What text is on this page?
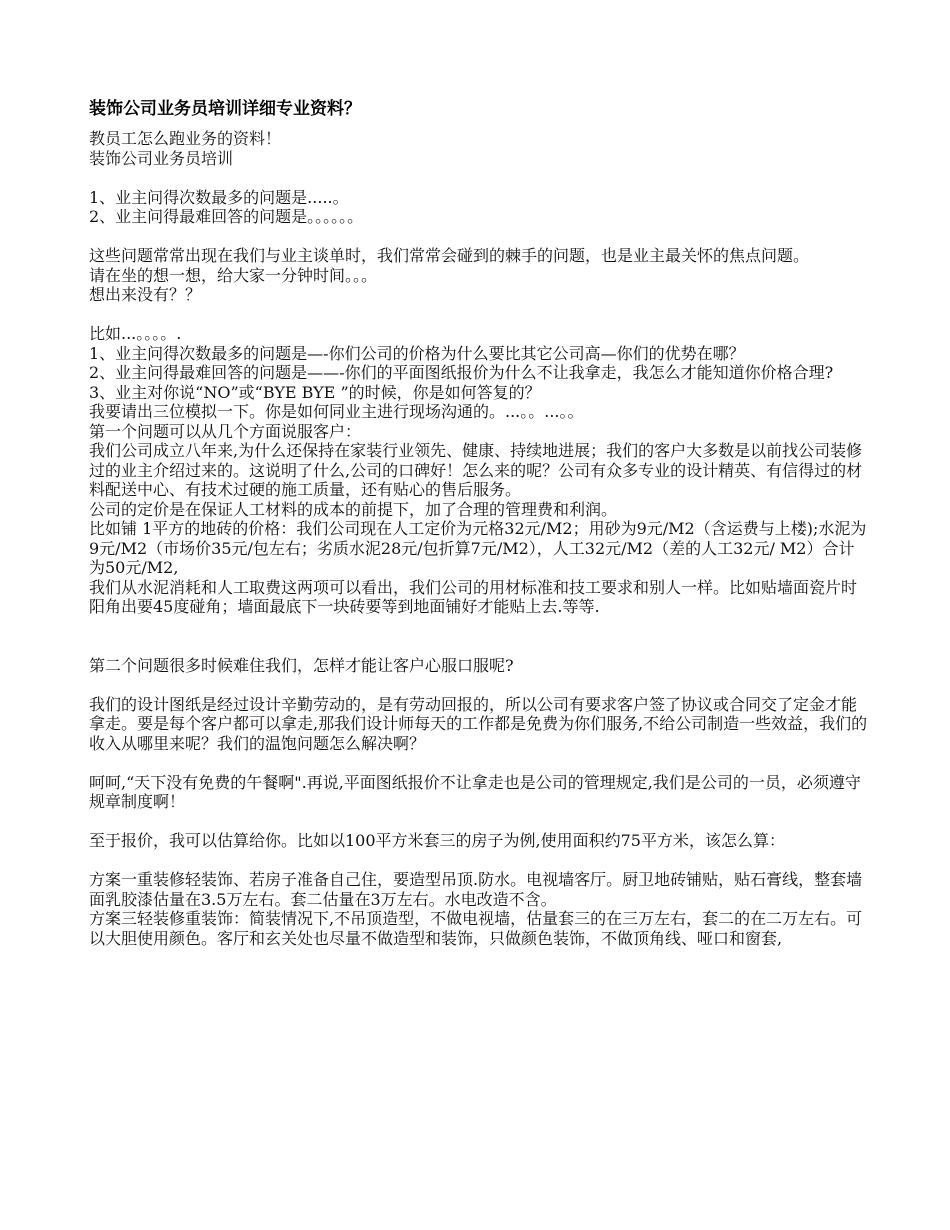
装饰公司业务员培训详细专业资料？

教员工怎么跑业务的资料！

装饰公司业务员培训

1、业主问得次数最多的问题是.....。

2、业主问得最难回答的问题是。。。。。。

这些问题常常出现在我们与业主谈单时，我们常常会碰到的棘手的问题，也是业主最关怀的焦点问题。

请在坐的想一想，给大家一分钟时间。。。

想出来没有？？

比如...。。。。.

1、业主问得次数最多的问题是—-你们公司的价格为什么要比其它公司高—你们的优势在哪？

2、业主问得最难回答的问题是——-你们的平面图纸报价为什么不让我拿走，我怎么才能知道你价格合理?

3、业主对你说“NO”或“BYE BYE ”的时候，你是如何答复的？

我要请出三位模拟一下。你是如何同业主进行现场沟通的。...。。...。。

第一个问题可以从几个方面说服客户：

我们公司成立八年来,为什么还保持在家装行业领先、健康、持续地进展；我们的客户大多数是以前找公司装修过的业主介绍过来的。这说明了什么,公司的口碑好！怎么来的呢？公司有众多专业的设计精英、有信得过的材料配送中心、有技术过硬的施工质量，还有贴心的售后服务。

公司的定价是在保证人工材料的成本的前提下，加了合理的管理费和利润。

比如铺 1平方的地砖的价格：我们公司现在人工定价为元格32元/M2；用砂为9元/M2（含运费与上楼);水泥为9元/M2（市场价35元/包左右；劣质水泥28元/包折算7元/M2），人工32元/M2（差的人工32元/ M2）合计为50元/M2,

我们从水泥消耗和人工取费这两项可以看出，我们公司的用材标准和技工要求和别人一样。比如贴墙面瓷片时阳角出要45度碰角；墙面最底下一块砖要等到地面铺好才能贴上去.等等.

第二个问题很多时候难住我们，怎样才能让客户心服口服呢?

我们的设计图纸是经过设计辛勤劳动的，是有劳动回报的，所以公司有要求客户签了协议或合同交了定金才能拿走。要是每个客户都可以拿走,那我们设计师每天的工作都是免费为你们服务,不给公司制造一些效益，我们的收入从哪里来呢？我们的温饱问题怎么解决啊？

呵呵,“天下没有免费的午餐啊".再说,平面图纸报价不让拿走也是公司的管理规定,我们是公司的一员，必须遵守规章制度啊！

至于报价，我可以估算给你。比如以100平方米套三的房子为例,使用面积约75平方米，该怎么算：

方案一重装修轻装饰、若房子准备自己住，要造型吊顶.防水。电视墙客厅。厨卫地砖铺贴，贴石膏线，整套墙面乳胶漆估量在3.5万左右。套二估量在3万左右。水电改造不含。

方案三轻装修重装饰：简装情况下,不吊顶造型，不做电视墙，估量套三的在三万左右，套二的在二万左右。可以大胆使用颜色。客厅和玄关处也尽量不做造型和装饰，只做颜色装饰，不做顶角线、哑口和窗套,
